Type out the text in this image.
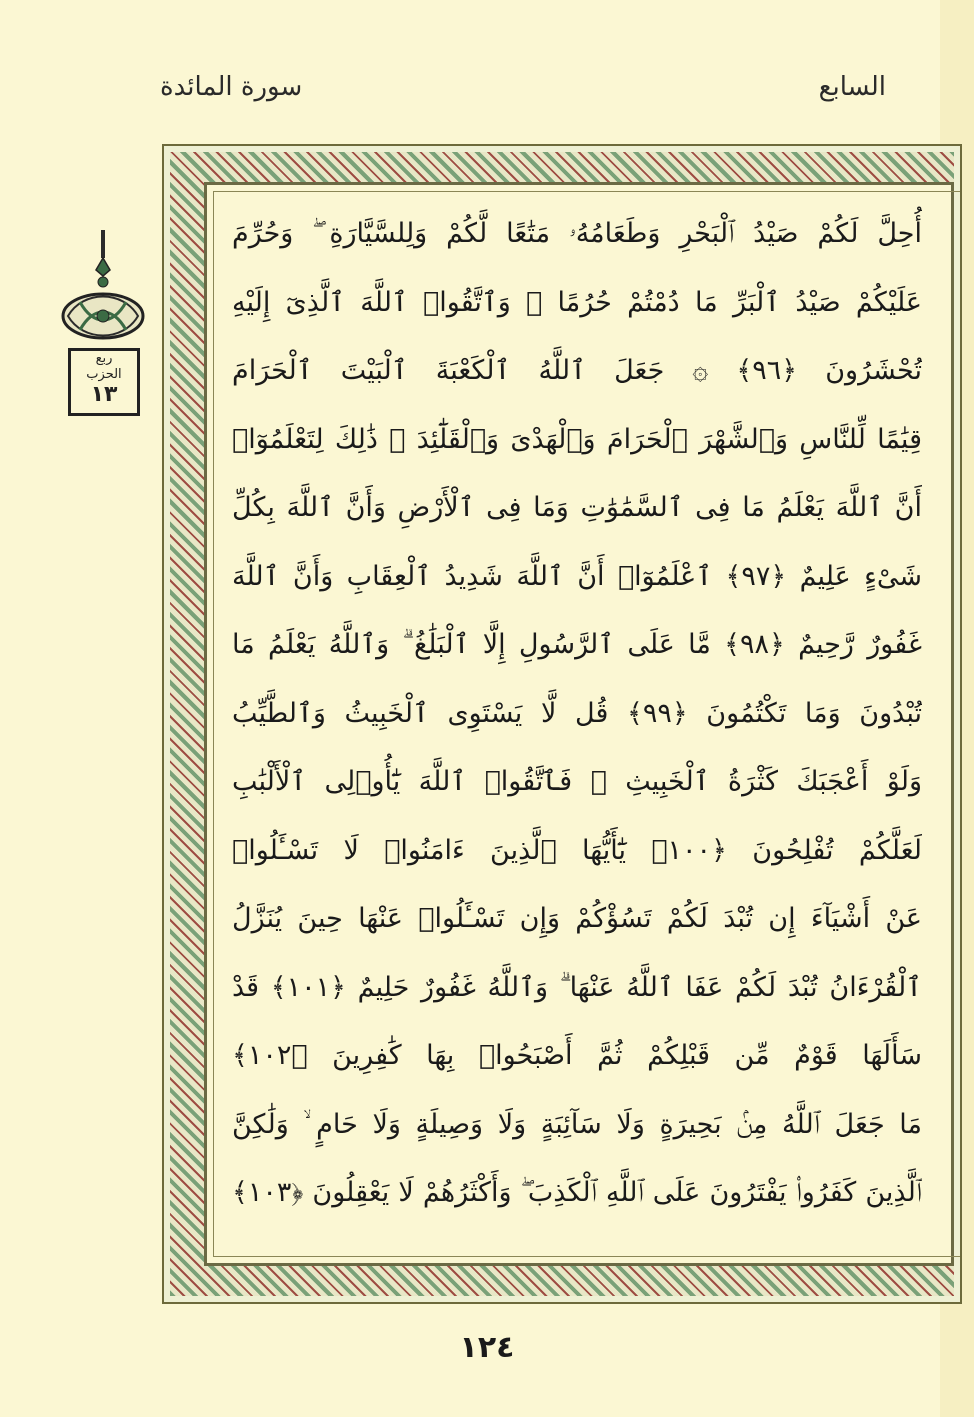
السابع
سورة المائدة
ربع
الحزب
١٣
أُحِلَّ لَكُمْ صَيْدُ ٱلْبَحْرِ وَطَعَامُهُۥ مَتَٰعًا لَّكُمْ وَلِلسَّيَّارَةِ ۖ وَحُرِّمَ
عَلَيْكُمْ صَيْدُ ٱلْبَرِّ مَا دُمْتُمْ حُرُمًا ۗ وَٱتَّقُوا۟ ٱللَّهَ ٱلَّذِىٓ إِلَيْهِ
تُحْشَرُونَ ﴿٩٦﴾ ۞ جَعَلَ ٱللَّهُ ٱلْكَعْبَةَ ٱلْبَيْتَ ٱلْحَرَامَ
قِيَٰمًا لِّلنَّاسِ وَٱلشَّهْرَ ٱلْحَرَامَ وَٱلْهَدْىَ وَٱلْقَلَٰٓئِدَ ۚ ذَٰلِكَ لِتَعْلَمُوٓا۟
أَنَّ ٱللَّهَ يَعْلَمُ مَا فِى ٱلسَّمَٰوَٰتِ وَمَا فِى ٱلْأَرْضِ وَأَنَّ ٱللَّهَ بِكُلِّ
شَىْءٍ عَلِيمٌ ﴿٩٧﴾ ٱعْلَمُوٓا۟ أَنَّ ٱللَّهَ شَدِيدُ ٱلْعِقَابِ وَأَنَّ ٱللَّهَ
غَفُورٌ رَّحِيمٌ ﴿٩٨﴾ مَّا عَلَى ٱلرَّسُولِ إِلَّا ٱلْبَلَٰغُ ۗ وَٱللَّهُ يَعْلَمُ مَا
تُبْدُونَ وَمَا تَكْتُمُونَ ﴿٩٩﴾ قُل لَّا يَسْتَوِى ٱلْخَبِيثُ وَٱلطَّيِّبُ
وَلَوْ أَعْجَبَكَ كَثْرَةُ ٱلْخَبِيثِ ۚ فَٱتَّقُوا۟ ٱللَّهَ يَٰٓأُو۟لِى ٱلْأَلْبَٰبِ
لَعَلَّكُمْ تُفْلِحُونَ ﴿١٠٠﴾ يَٰٓأَيُّهَا ٱلَّذِينَ ءَامَنُوا۟ لَا تَسْـَٔلُوا۟
عَنْ أَشْيَآءَ إِن تُبْدَ لَكُمْ تَسُؤْكُمْ وَإِن تَسْـَٔلُوا۟ عَنْهَا حِينَ يُنَزَّلُ
ٱلْقُرْءَانُ تُبْدَ لَكُمْ عَفَا ٱللَّهُ عَنْهَا ۗ وَٱللَّهُ غَفُورٌ حَلِيمٌ ﴿١٠١﴾ قَدْ
سَأَلَهَا قَوْمٌ مِّن قَبْلِكُمْ ثُمَّ أَصْبَحُوا۟ بِهَا كَٰفِرِينَ ﴿١٠٢﴾
مَا جَعَلَ ٱللَّهُ مِنۢ بَحِيرَةٍ وَلَا سَآئِبَةٍ وَلَا وَصِيلَةٍ وَلَا حَامٍ ۙ وَلَٰكِنَّ
ٱلَّذِينَ كَفَرُوا۟ يَفْتَرُونَ عَلَى ٱللَّهِ ٱلْكَذِبَ ۖ وَأَكْثَرُهُمْ لَا يَعْقِلُونَ ﴿١٠٣﴾
١٢٤
